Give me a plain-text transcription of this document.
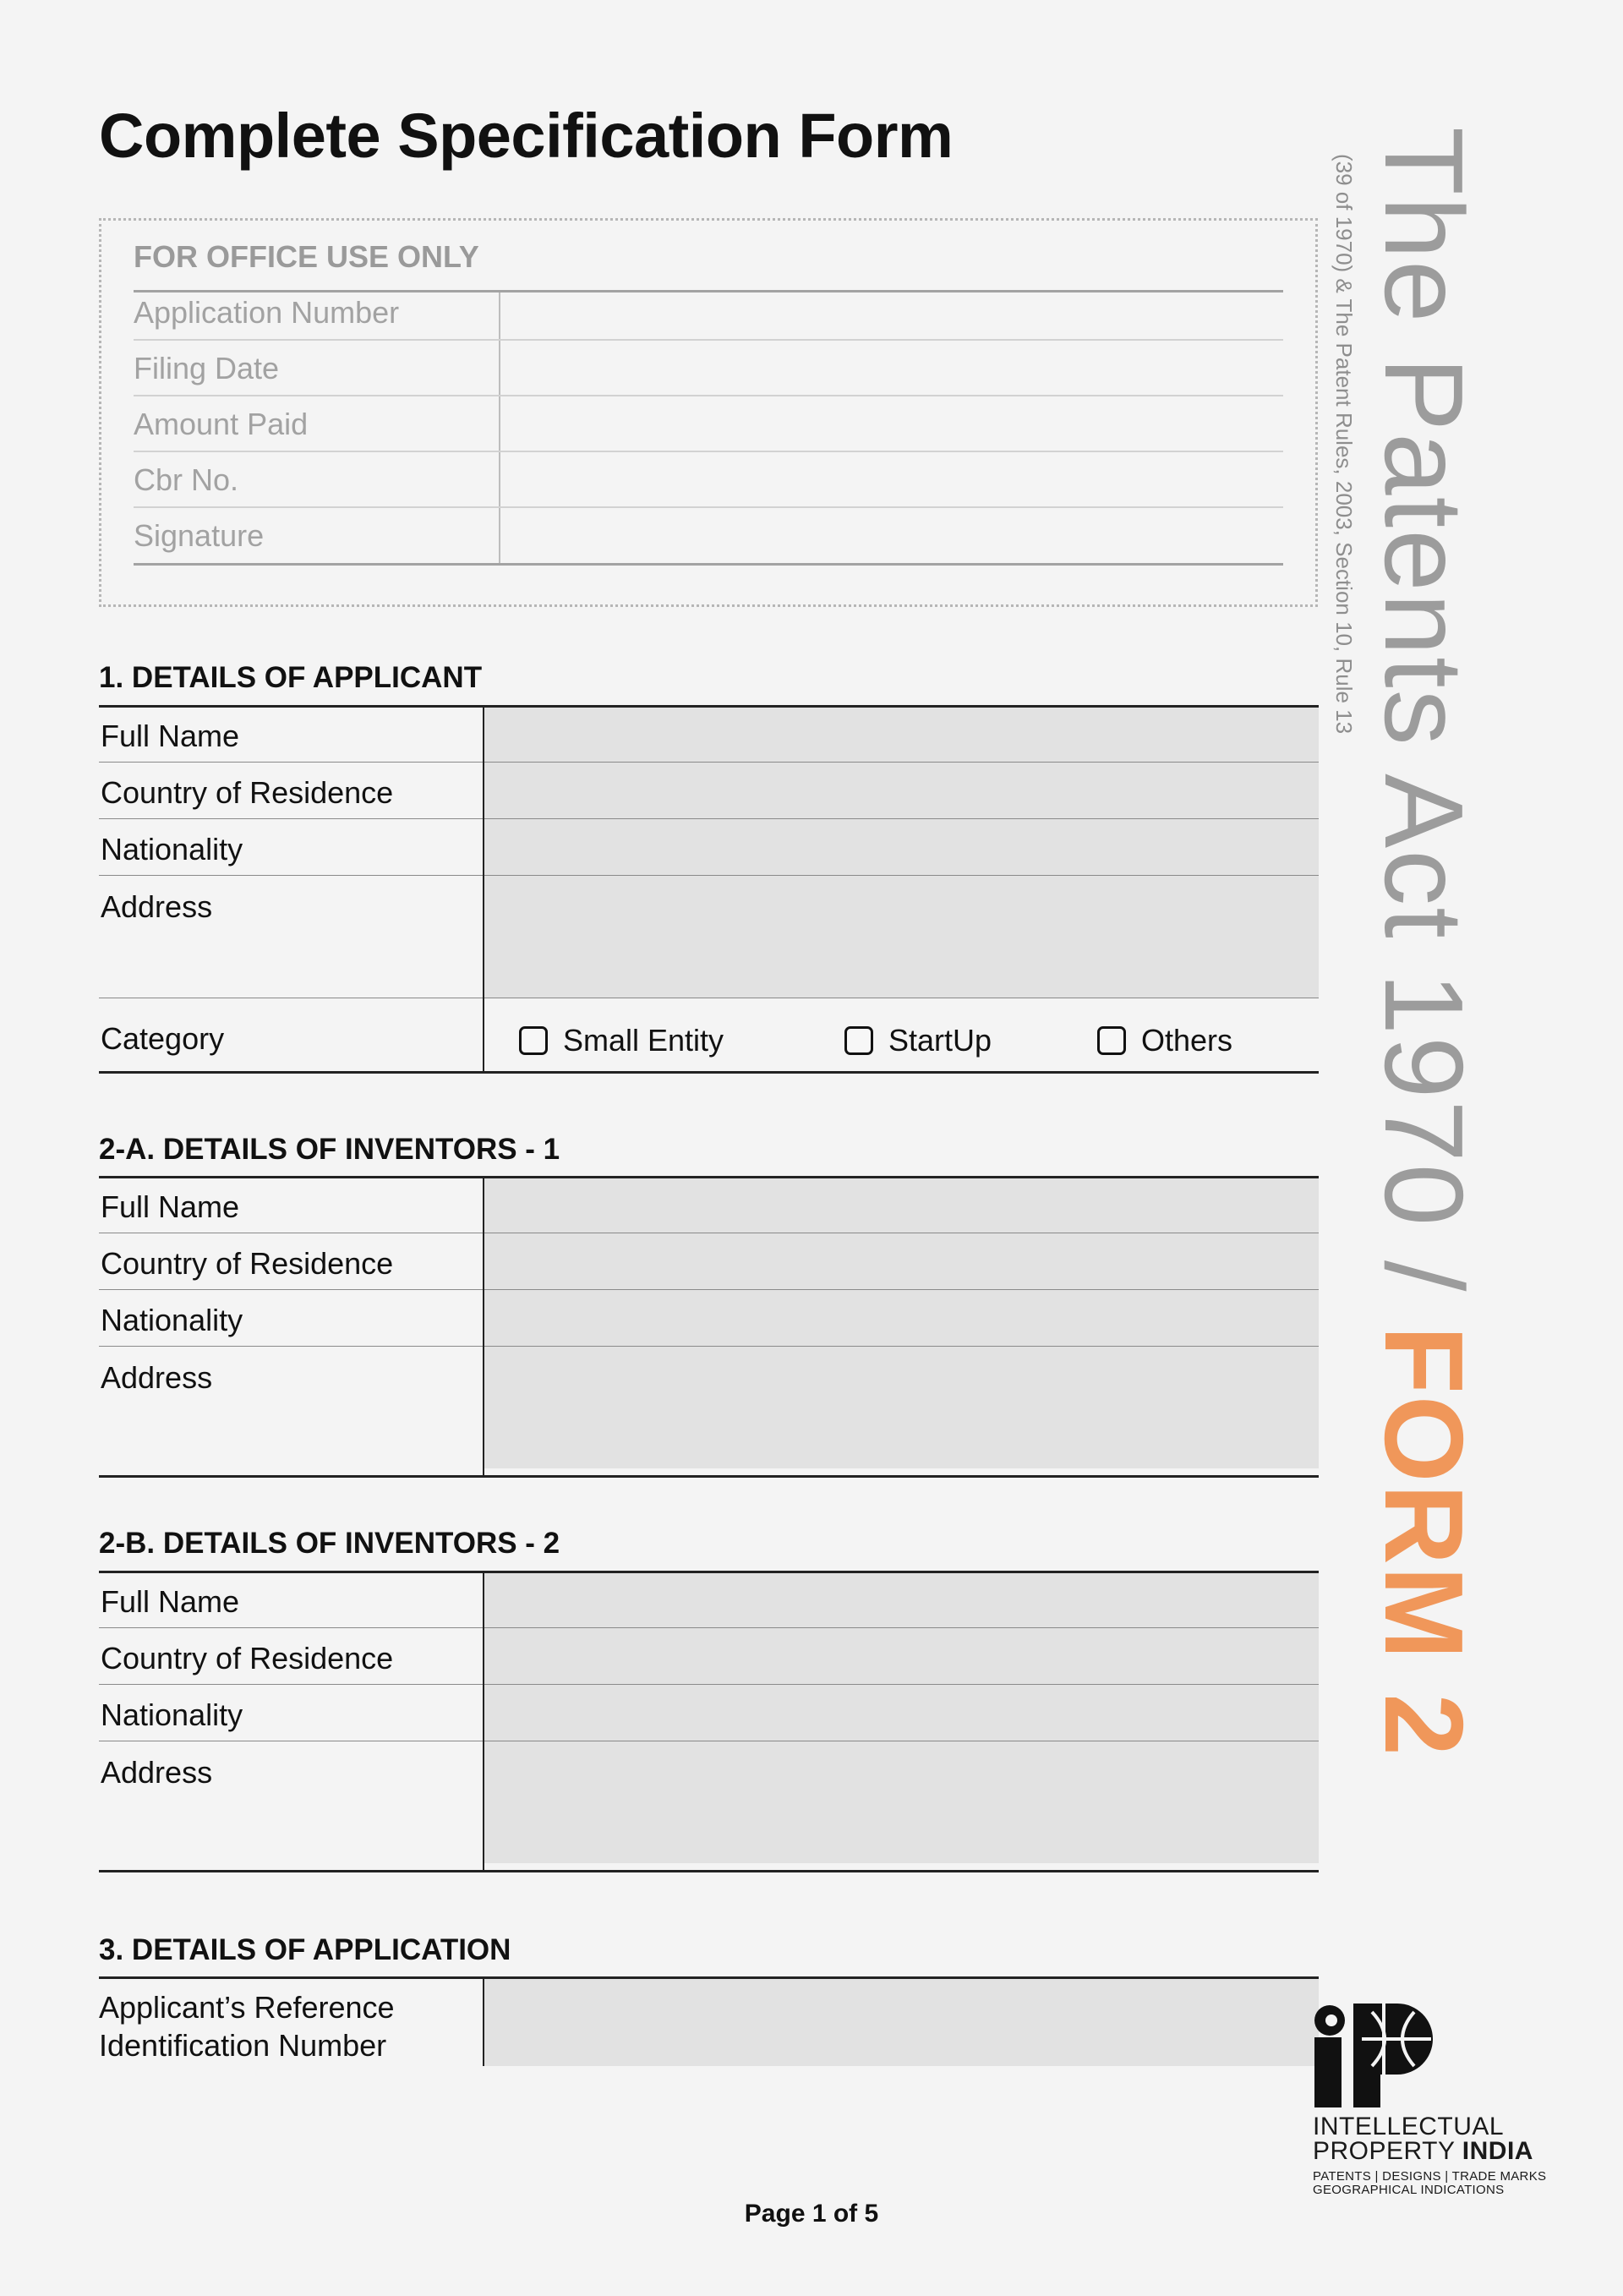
Complete Specification Form
FOR OFFICE USE ONLY
Application Number
Filing Date
Amount Paid
Cbr No.
Signature
1. DETAILS OF APPLICANT
Full Name
Country of Residence
Nationality
Address
Category	Small Entity	StartUp	Others
2-A. DETAILS OF INVENTORS - 1
Full Name
Country of Residence
Nationality
Address
2-B. DETAILS OF INVENTORS - 2
Full Name
Country of Residence
Nationality
Address
3. DETAILS OF APPLICATION
Applicant’s Reference
Identification Number
The Patents Act 1970 / FORM 2
(39 of 1970) & The Patent Rules, 2003, Section 10, Rule 13
INTELLECTUAL
PROPERTY INDIA
PATENTS | DESIGNS | TRADE MARKS
GEOGRAPHICAL INDICATIONS
Page 1 of 5
